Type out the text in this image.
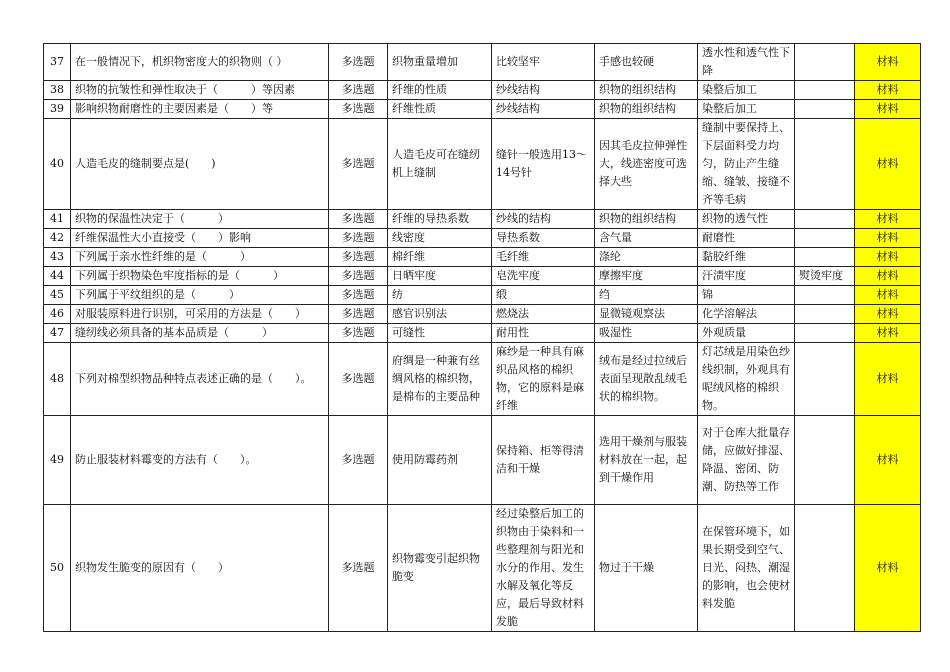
37	在一般情况下，机织物密度大的织物则（ ）	多选题	织物重量增加	比较坚牢	手感也较硬	透水性和透气性下降		材料
38	织物的抗皱性和弹性取决于（　　　）等因素	多选题	纤维的性质	纱线结构	织物的组织结构	染整后加工		材料
39	影响织物耐磨性的主要因素是（　　）等	多选题	纤维性质	纱线结构	织物的组织结构	染整后加工		材料
40	人造毛皮的缝制要点是(　　)	多选题	人造毛皮可在缝纫机上缝制	缝针一般选用13～14号针	因其毛皮拉伸弹性大，线迹密度可选择大些	缝制中要保持上、下层面料受力均匀，防止产生缝缩、缝皱、接缝不齐等毛病		材料
41	织物的保温性决定于（　　　）	多选题	纤维的导热系数	纱线的结构	织物的组织结构	织物的透气性		材料
42	纤维保温性大小直接受（　　）影响	多选题	线密度	导热系数	含气量	耐磨性		材料
43	下列属于亲水性纤维的是（　　　）	多选题	棉纤维	毛纤维	涤纶	黏胶纤维		材料
44	下列属于织物染色牢度指标的是（　　　）	多选题	日晒牢度	皂洗牢度	摩擦牢度	汗渍牢度	熨烫牢度	材料
45	下列属于平纹组织的是（　　　）	多选题	纺	缎	绉	锦		材料
46	对服装原料进行识别，可采用的方法是（　　）	多选题	感官识别法	燃烧法	显微镜观察法	化学溶解法		材料
47	缝纫线必须具备的基本品质是（　　　）	多选题	可缝性	耐用性	吸湿性	外观质量		材料
48	下列对棉型织物品种特点表述正确的是（　　）。	多选题	府绸是一种兼有丝绸风格的棉织物，是棉布的主要品种	麻纱是一种具有麻织品风格的棉织物，它的原料是麻纤维	绒布是经过拉绒后表面呈现散乱绒毛状的棉织物。	灯芯绒是用染色纱线织制，外观具有呢绒风格的棉织物。		材料
49	防止服装材料霉变的方法有（　　）。	多选题	使用防霉药剂	保持箱、柜等得清洁和干燥	选用干燥剂与服装材料放在一起，起到干燥作用	对于仓库大批量存储，应做好排湿、降温、密闭、防潮、防热等工作		材料
50	织物发生脆变的原因有（　　）	多选题	织物霉变引起织物脆变	经过染整后加工的织物由于染料和一些整理剂与阳光和水分的作用、发生水解及氧化等反应，最后导致材料发脆	物过于干燥	在保管环境下，如果长期受到空气、日光、闷热、潮湿的影响，也会使材料发脆		材料
